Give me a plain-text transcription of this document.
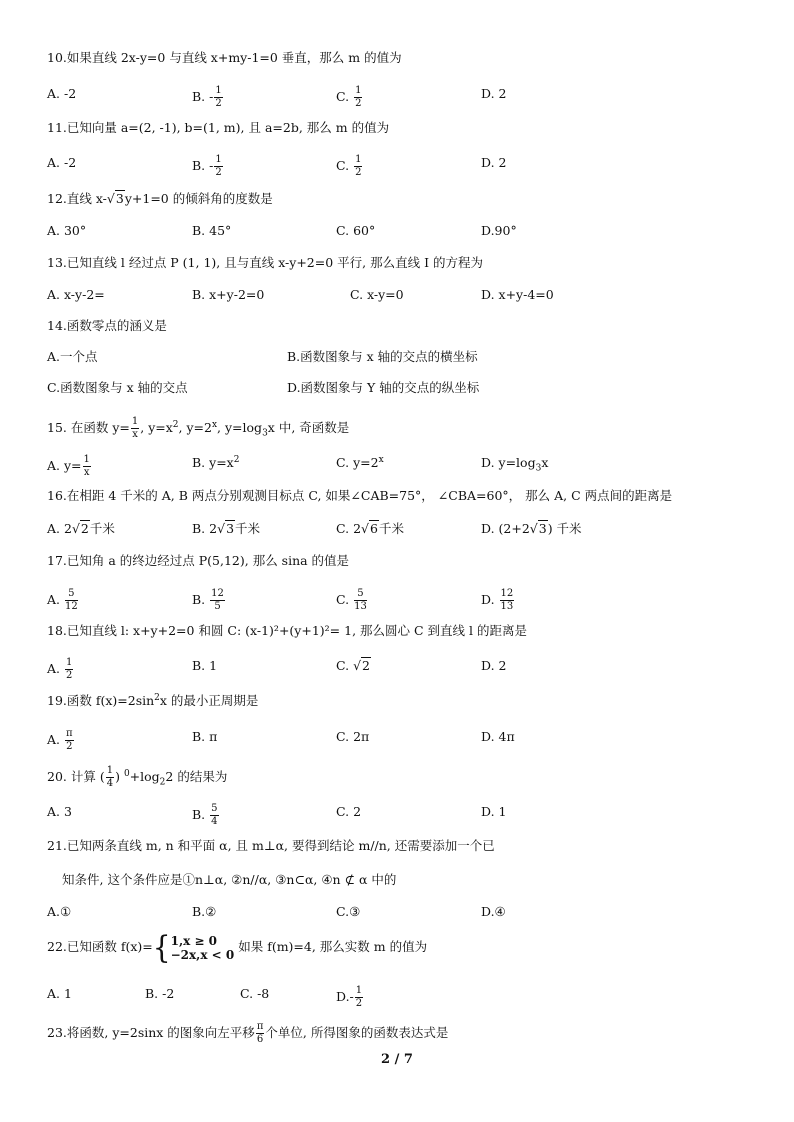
10.如果直线 2x-y=0 与直线 x+my-1=0 垂直，那么 m 的值为
A. -2	B. - $\frac{1}{2}$	C. $\frac{1}{2}$	D. 2
11.已知向量 a=(2, -1), b=(1, m), 且 a=2b, 那么 m 的值为
A. -2	B. - $\frac{1}{2}$	C. $\frac{1}{2}$	D. 2
12.直线 x-√3y+1=0 的倾斜角的度数是
A. 30°	B. 45°	C. 60°	D.90°
13.已知直线 l 经过点 P (1, 1), 且与直线 x-y+2=0 平行, 那么直线 I 的方程为
A. x-y-2=	B. x+y-2=0	C. x-y=0	D. x+y-4=0
14.函数零点的涵义是
A.一个点	B.函数图象与 x 轴的交点的横坐标
C.函数图象与 x 轴的交点	D.函数图象与 Y 轴的交点的纵坐标
15. 在函数 $y= \frac{1}{x}$ , $y=x^2$, $y=2^x$, $y=\log_3x$ 中, 奇函数是
A. $y= \frac{1}{x}$	B. $y=x^2$	C. $y=2^x$	D. $y=\log_3x$
16.在相距 4 千米的 A, B 两点分别观测目标点 C, 如果∠CAB=75°， ∠CBA=60°， 那么 A, C 两点间的距离是
A. 2√2千米	B. 2√3千米	C. 2√6千米	D. (2+2√3) 千米
17.已知角 a 的终边经过点 P(5,12), 那么 sina 的值是
A. $\frac{5}{12}$	B. $\frac{12}{5}$	C. $\frac{5}{13}$	D. $\frac{12}{13}$
18.已知直线 l: x+y+2=0 和圆 C: (x-1)²+(y+1)²= 1, 那么圆心 C 到直线 l 的距离是
A. $\frac{1}{2}$	B. 1	C. √2	D. 2
19.函数 $f(x)=2\sin^2x$ 的最小正周期是
A. $\frac{\pi}{2}$	B. π	C. 2π	D. 4π
20. 计算 ( $\frac{1}{4}$ ) $^0+\log_22$ 的结果为
A. 3	B. $\frac{5}{4}$	C. 2	D. 1
21.已知两条直线 m, n 和平面 α, 且 m⊥α, 要得到结论 m//n, 还需要添加一个已
知条件, 这个条件应是①n⊥α, ②n//α, ③n⊂α, ④n ⊄ α 中的
A.①	B.②	C.③	D.④
22.已知函数 f(x)={ 1,x ≥ 0
−2x,x < 0
如果 f(m)=4, 那么实数 m 的值为
A. 1	B. -2	C. -8	$D.- \frac{1}{2}$
23.将函数, y=2sinx 的图象向左平移 $\frac{\pi}{6}$ 个单位, 所得图象的函数表达式是
2 / 7
